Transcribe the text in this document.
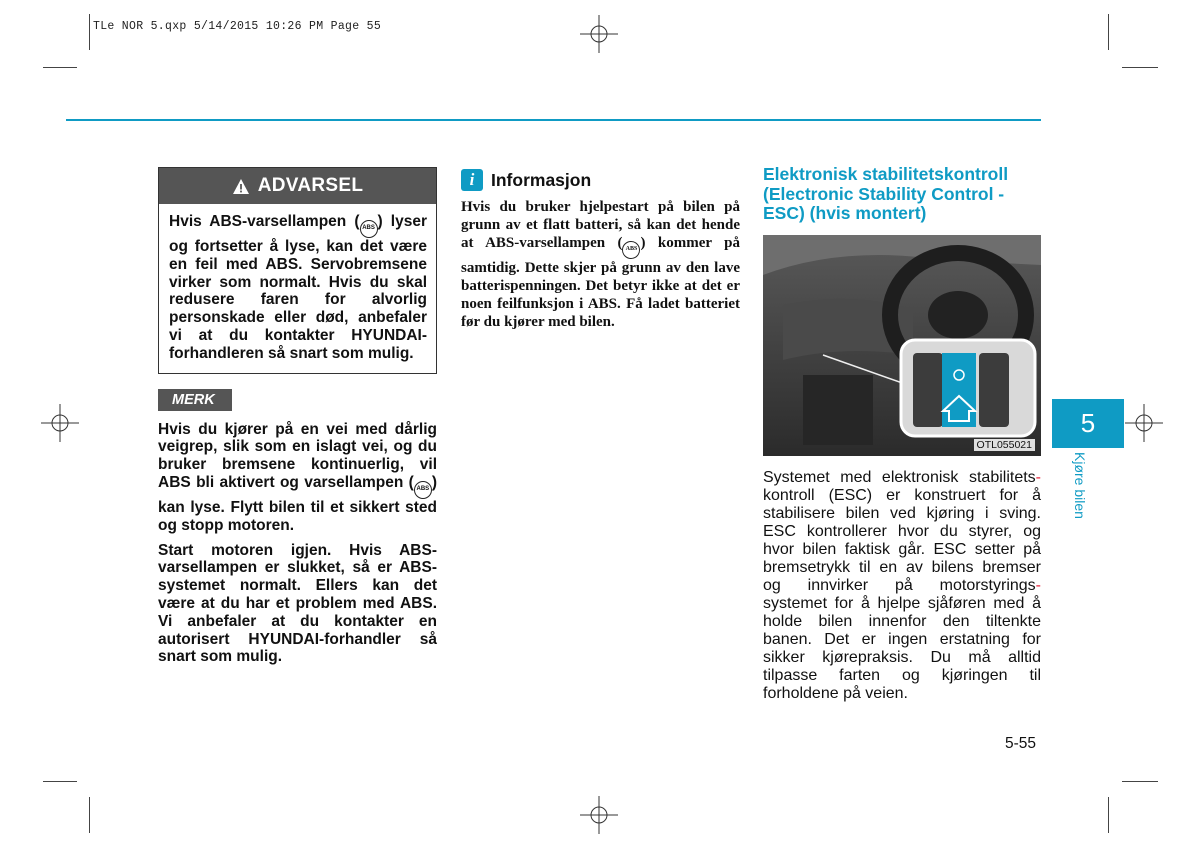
TLe NOR 5.qxp 5/14/2015 10:26 PM Page 55
ADVARSEL
Hvis ABS-varsellampen ( ABS ) lyser og fortsetter å lyse, kan det være en feil med ABS. Servobremsene virker som normalt. Hvis du skal redusere faren for alvorlig personskade eller død, anbefaler vi at du kontakter HYUNDAI-forhandleren så snart som mulig.
MERK

Hvis du kjører på en vei med dårlig veigrep, slik som en islagt vei, og du bruker bremsene kontinuerlig, vil ABS bli aktivert og varsellampen ( ABS ) kan lyse. Flytt bilen til et sikkert sted og stopp motoren.

Start motoren igjen. Hvis ABS-varsellampen er slukket, så er ABS-systemet normalt. Ellers kan det være at du har et problem med ABS. Vi anbefaler at du kontakter en autorisert HYUNDAI-forhandler så snart som mulig.

i Informasjon

Hvis du bruker hjelpestart på bilen på grunn av et flatt batteri, så kan det hende at ABS-varsellampen ( ABS ) kommer på samtidig. Dette skjer på grunn av den lave batterispenningen. Det betyr ikke at det er noen feilfunksjon i ABS. Få ladet batteriet før du kjører med bilen.

Elektronisk stabilitetskontroll (Electronic Stability Control - ESC) (hvis montert)
OTL055021

Systemet med elektronisk stabilitets- kontroll (ESC) er konstruert for å stabilisere bilen ved kjøring i sving. ESC kontrollerer hvor du styrer, og hvor bilen faktisk går. ESC setter på bremsetrykk til en av bilens bremser og innvirker på motorstyrings- systemet for å hjelpe sjåføren med å holde bilen innenfor den tiltenkte banen. Det er ingen erstatning for sikker kjørepraksis. Du må alltid tilpasse farten og kjøringen til forholdene på veien.

5
Kjøre bilen
5-55
